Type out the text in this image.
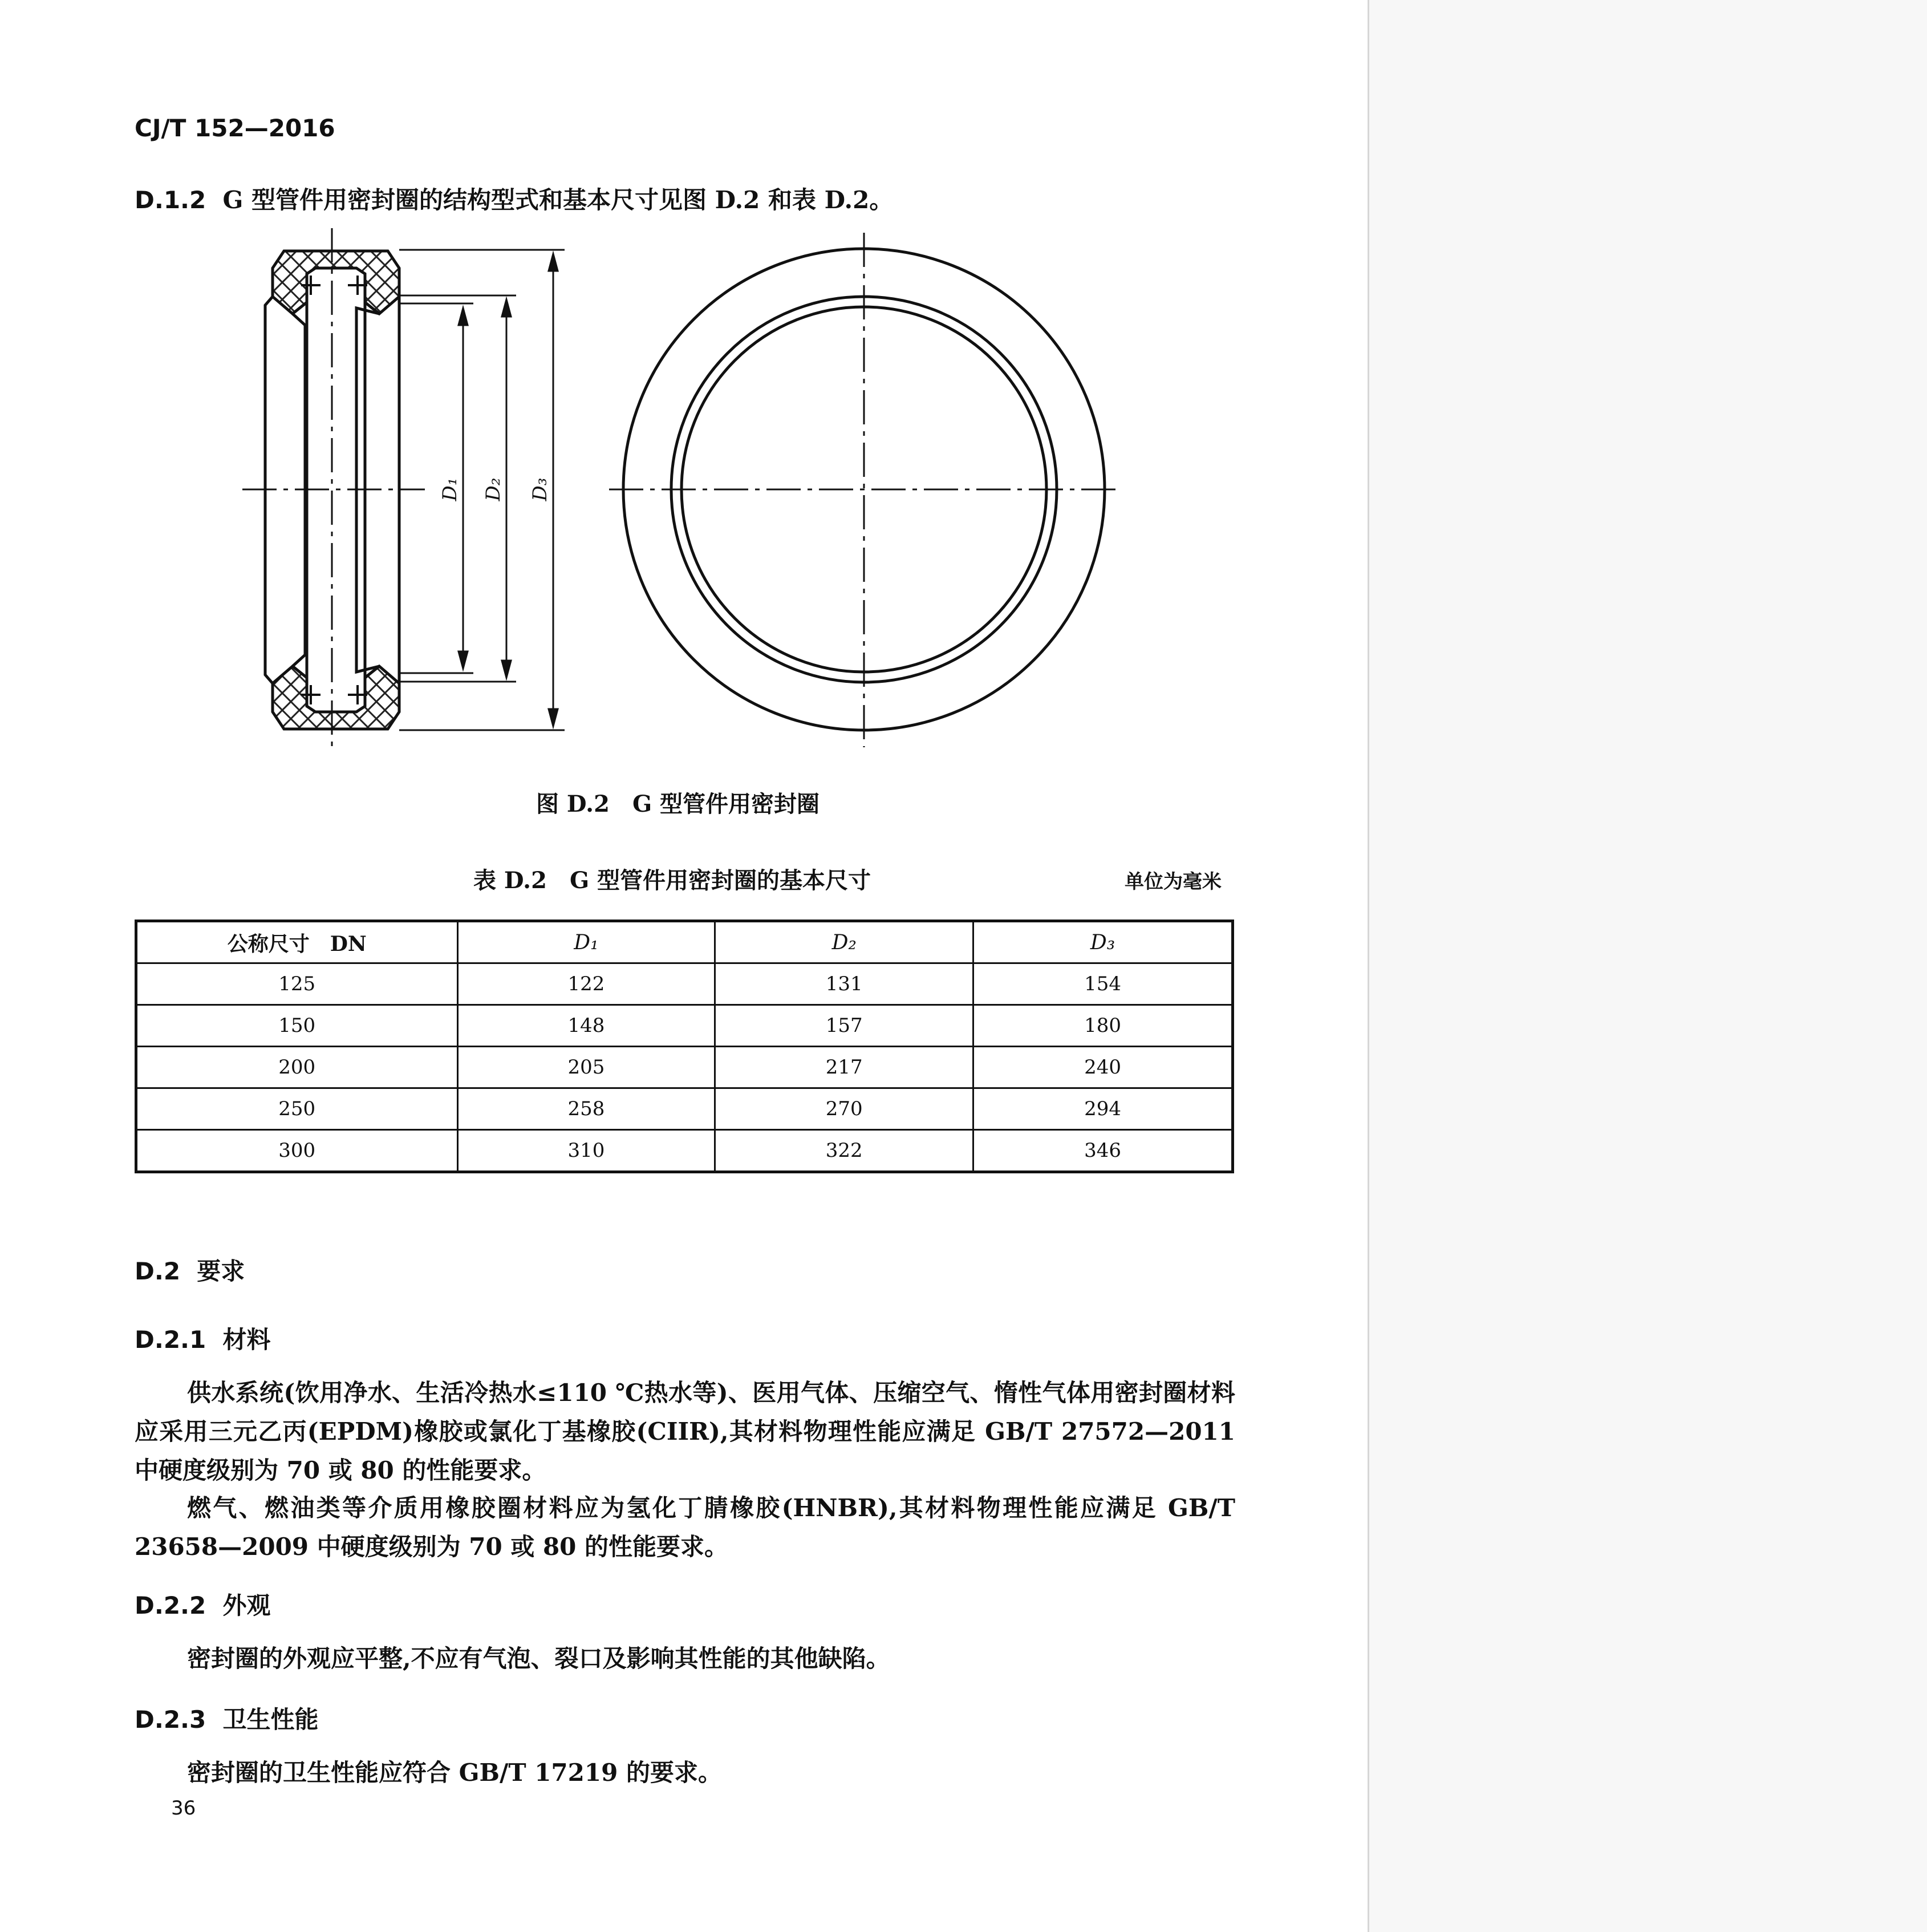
CJ/T 152—2016
D.1.2 G 型管件用密封圈的结构型式和基本尺寸见图 D.2 和表 D.2。
D₁ D₂ D₃
图 D.2　G 型管件用密封圈
表 D.2　G 型管件用密封圈的基本尺寸	单位为毫米
公称尺寸　DN	D₁	D₂	D₃
125	122	131	154
150	148	157	180
200	205	217	240
250	258	270	294
300	310	322	346
D.2 要求
D.2.1 材料
供水系统(饮用净水、生活冷热水≤110 ℃热水等)、医用气体、压缩空气、惰性气体用密封圈材料应采用三元乙丙(EPDM)橡胶或氯化丁基橡胶(CIIR),其材料物理性能应满足 GB/T 27572—2011 中硬度级别为 70 或 80 的性能要求。
燃气、燃油类等介质用橡胶圈材料应为氢化丁腈橡胶(HNBR),其材料物理性能应满足 GB/T 23658—2009 中硬度级别为 70 或 80 的性能要求。
D.2.2 外观
密封圈的外观应平整,不应有气泡、裂口及影响其性能的其他缺陷。
D.2.3 卫生性能
密封圈的卫生性能应符合 GB/T 17219 的要求。
36
